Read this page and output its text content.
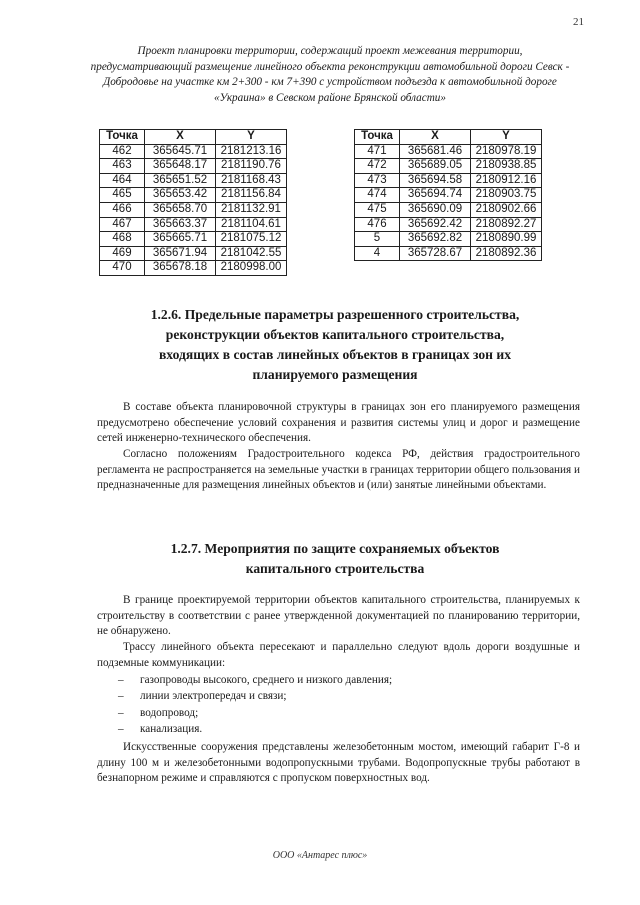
21
Проект планировки территории, содержащий проект межевания территории, предусматривающий размещение линейного объекта реконструкции автомобильной дороги Севск - Добродовье на участке км 2+300 - км 7+390 с устройством подъезда к автомобильной дороге «Украина» в Севском районе Брянской области»
Точка	X	Y
462	365645.71	2181213.16
463	365648.17	2181190.76
464	365651.52	2181168.43
465	365653.42	2181156.84
466	365658.70	2181132.91
467	365663.37	2181104.61
468	365665.71	2181075.12
469	365671.94	2181042.55
470	365678.18	2180998.00
Точка	X	Y
471	365681.46	2180978.19
472	365689.05	2180938.85
473	365694.58	2180912.16
474	365694.74	2180903.75
475	365690.09	2180902.66
476	365692.42	2180892.27
5	365692.82	2180890.99
4	365728.67	2180892.36
1.2.6. Предельные параметры разрешенного строительства,
реконструкции объектов капитального строительства,
входящих в состав линейных объектов в границах зон их
планируемого размещения

В составе объекта планировочной структуры в границах зон его планируемого размещения предусмотрено обеспечение условий сохранения и развития системы улиц и дорог и размещение сетей инженерно-технического обеспечения.

Согласно положениям Градостроительного кодекса РФ, действия градостроительного регламента не распространяется на земельные участки в границах территории общего пользования и предназначенные для размещения линейных объектов и (или) занятые линейными объектами.

1.2.7. Мероприятия по защите сохраняемых объектов
капитального строительства

В границе проектируемой территории объектов капитального строительства, планируемых к строительству в соответствии с ранее утвержденной документацией по планированию территории, не обнаружено.

Трассу линейного объекта пересекают и параллельно следуют вдоль дороги воздушные и подземные коммуникации:

– газопроводы высокого, среднего и низкого давления;
– линии электропередач и связи;
– водопровод;
– канализация.

Искусственные сооружения представлены железобетонным мостом, имеющий габарит Г-8 и длину 100 м и железобетонными водопропускными трубами. Водопропускные трубы работают в безнапорном режиме и справляются с пропуском поверхностных вод.

ООО «Антарес плюс»
